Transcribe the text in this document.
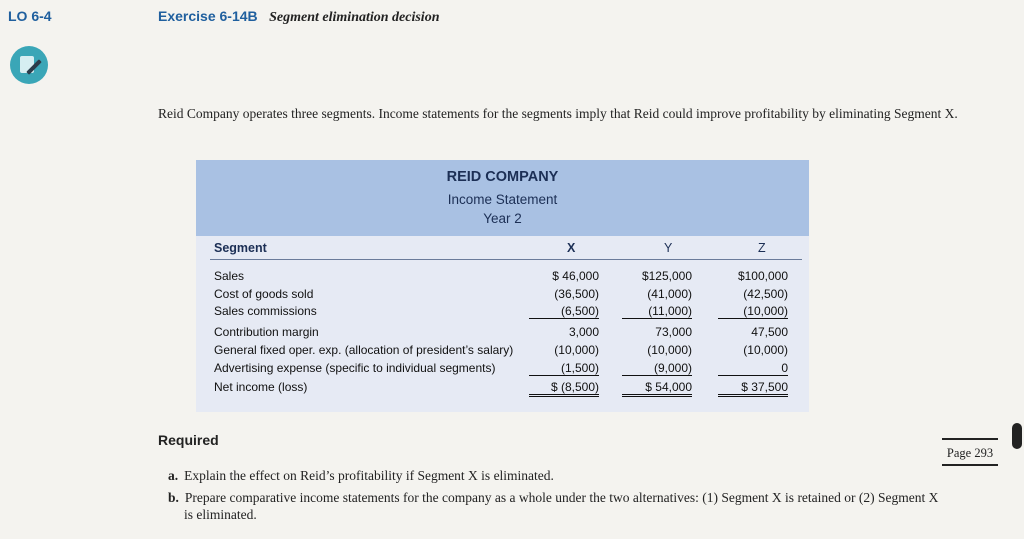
LO 6-4	Exercise 6-14B Segment elimination decision
Reid Company operates three segments. Income statements for the segments imply that Reid could improve profitability by eliminating Segment X.
REID COMPANY
Income Statement
Year 2
Segment	X	Y	Z
Sales	$ 46,000	$125,000	$100,000
Cost of goods sold	(36,500)	(41,000)	(42,500)
Sales commissions	(6,500)	(11,000)	(10,000)
Contribution margin	3,000	73,000	47,500
General fixed oper. exp. (allocation of president’s salary)	(10,000)	(10,000)	(10,000)
Advertising expense (specific to individual segments)	(1,500)	(9,000)	0
Net income (loss)	$ (8,500)	$ 54,000	$ 37,500
Required
Page 293
a. Explain the effect on Reid’s profitability if Segment X is eliminated.
b. Prepare comparative income statements for the company as a whole under the two alternatives: (1) Segment X is retained or (2) Segment X
is eliminated.
